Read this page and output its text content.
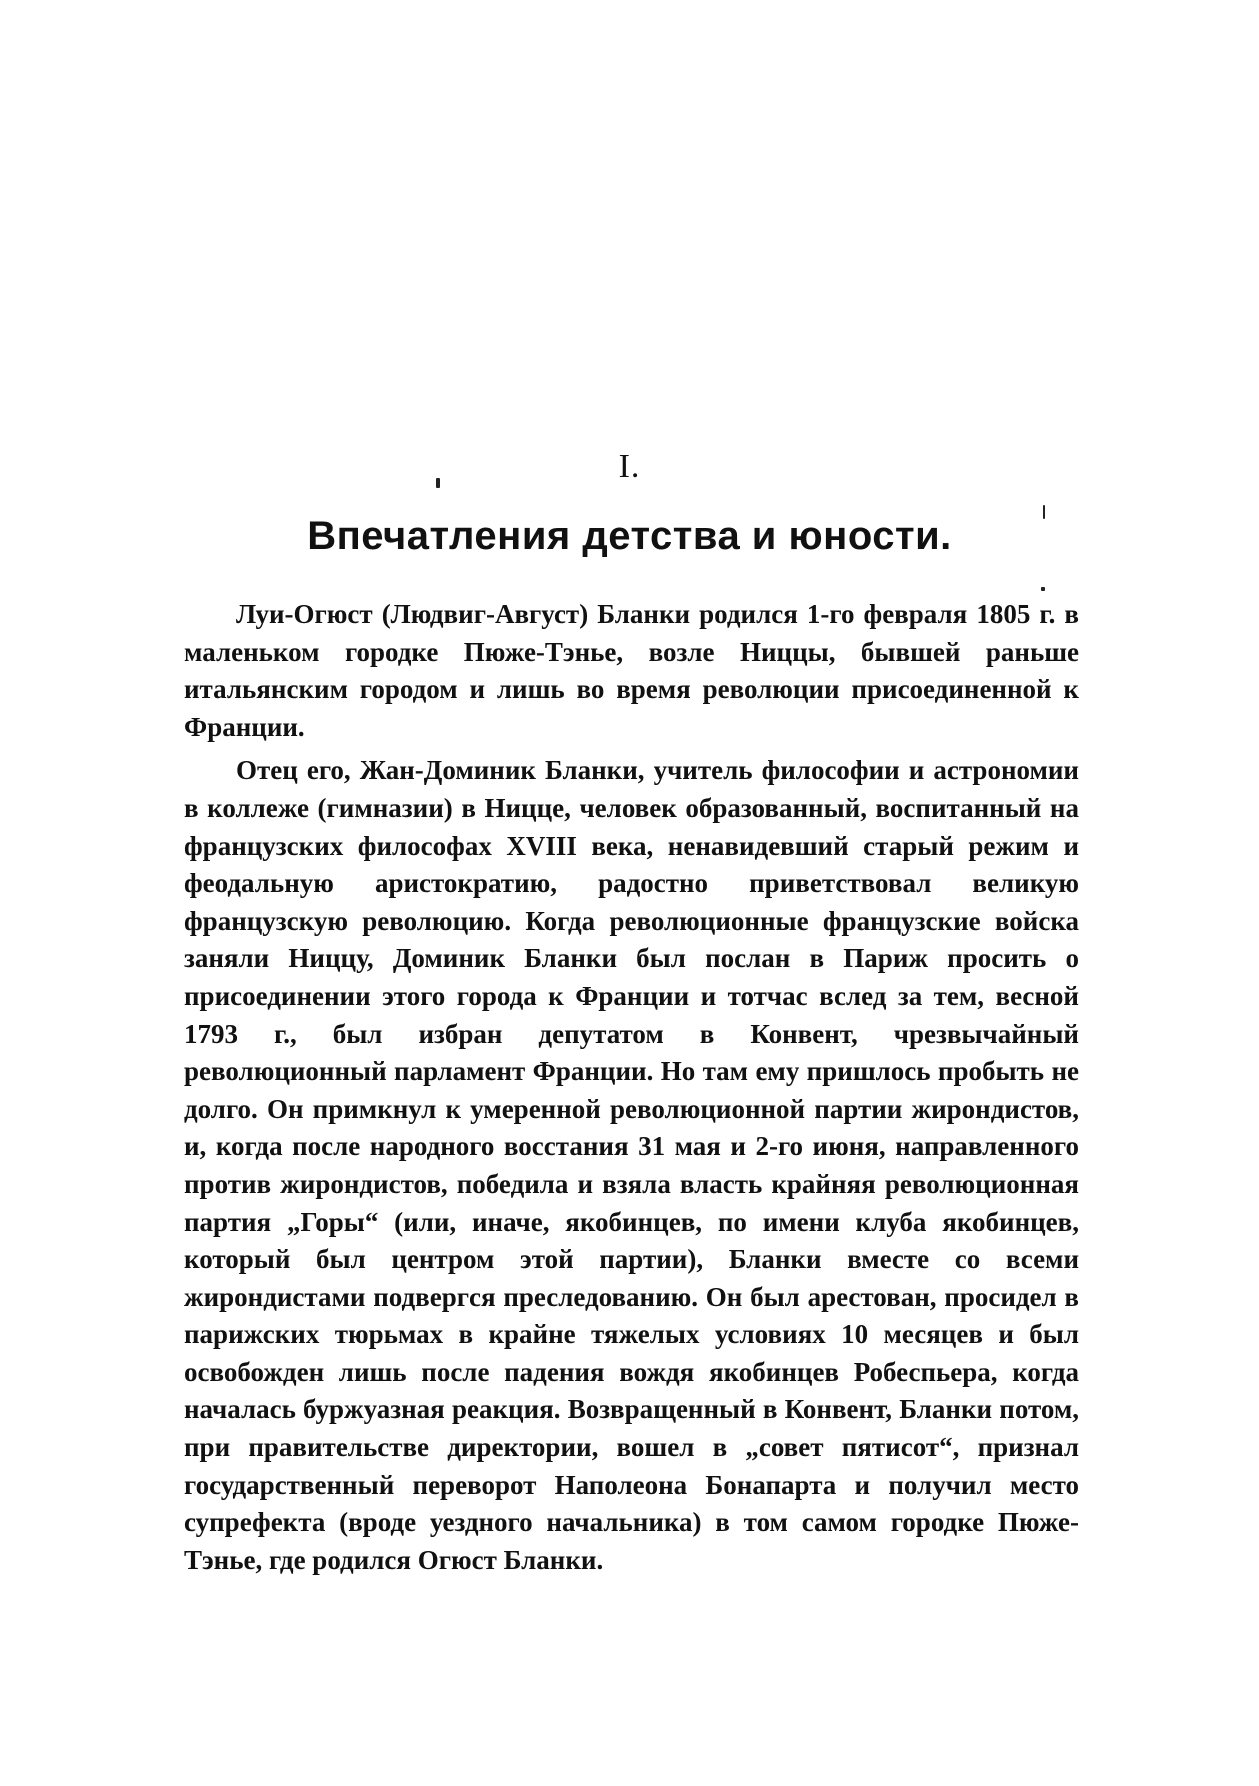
I.
Впечатления детства и юности.

Луи-Огюст (Людвиг-Август) Бланки родился 1-го февраля 1805 г. в маленьком городке Пюже-Тэнье, возле Ниццы, бывшей раньше итальянским городом и лишь во время революции присоединенной к Франции.

Отец его, Жан-Доминик Бланки, учитель философии и астрономии в коллеже (гимназии) в Ницце, человек образованный, воспитанный на французских философах XVIII века, ненавидевший старый режим и феодальную аристократию, радостно приветствовал великую французскую революцию. Когда революционные французские войска заняли Ниццу, Доминик Бланки был послан в Париж просить о присоединении этого города к Франции и тотчас вслед за тем, весной 1793 г., был избран депутатом в Конвент, чрезвычайный революционный парламент Франции. Но там ему пришлось пробыть не долго. Он примкнул к умеренной революционной партии жирондистов, и, когда после народного восстания 31 мая и 2-го июня, направленного против жирондистов, победила и взяла власть крайняя революционная партия „Горы“ (или, иначе, якобинцев, по имени клуба якобинцев, который был центром этой партии), Бланки вместе со всеми жирондистами подвергся преследованию. Он был арестован, просидел в парижских тюрьмах в крайне тяжелых условиях 10 месяцев и был освобожден лишь после падения вождя якобинцев Робеспьера, когда началась буржуазная реакция. Возвращенный в Конвент, Бланки потом, при правительстве директории, вошел в „совет пятисот“, признал государственный переворот Наполеона Бонапарта и получил место супрефекта (вроде уездного начальника) в том самом городке Пюже-Тэнье, где родился Огюст Бланки.
